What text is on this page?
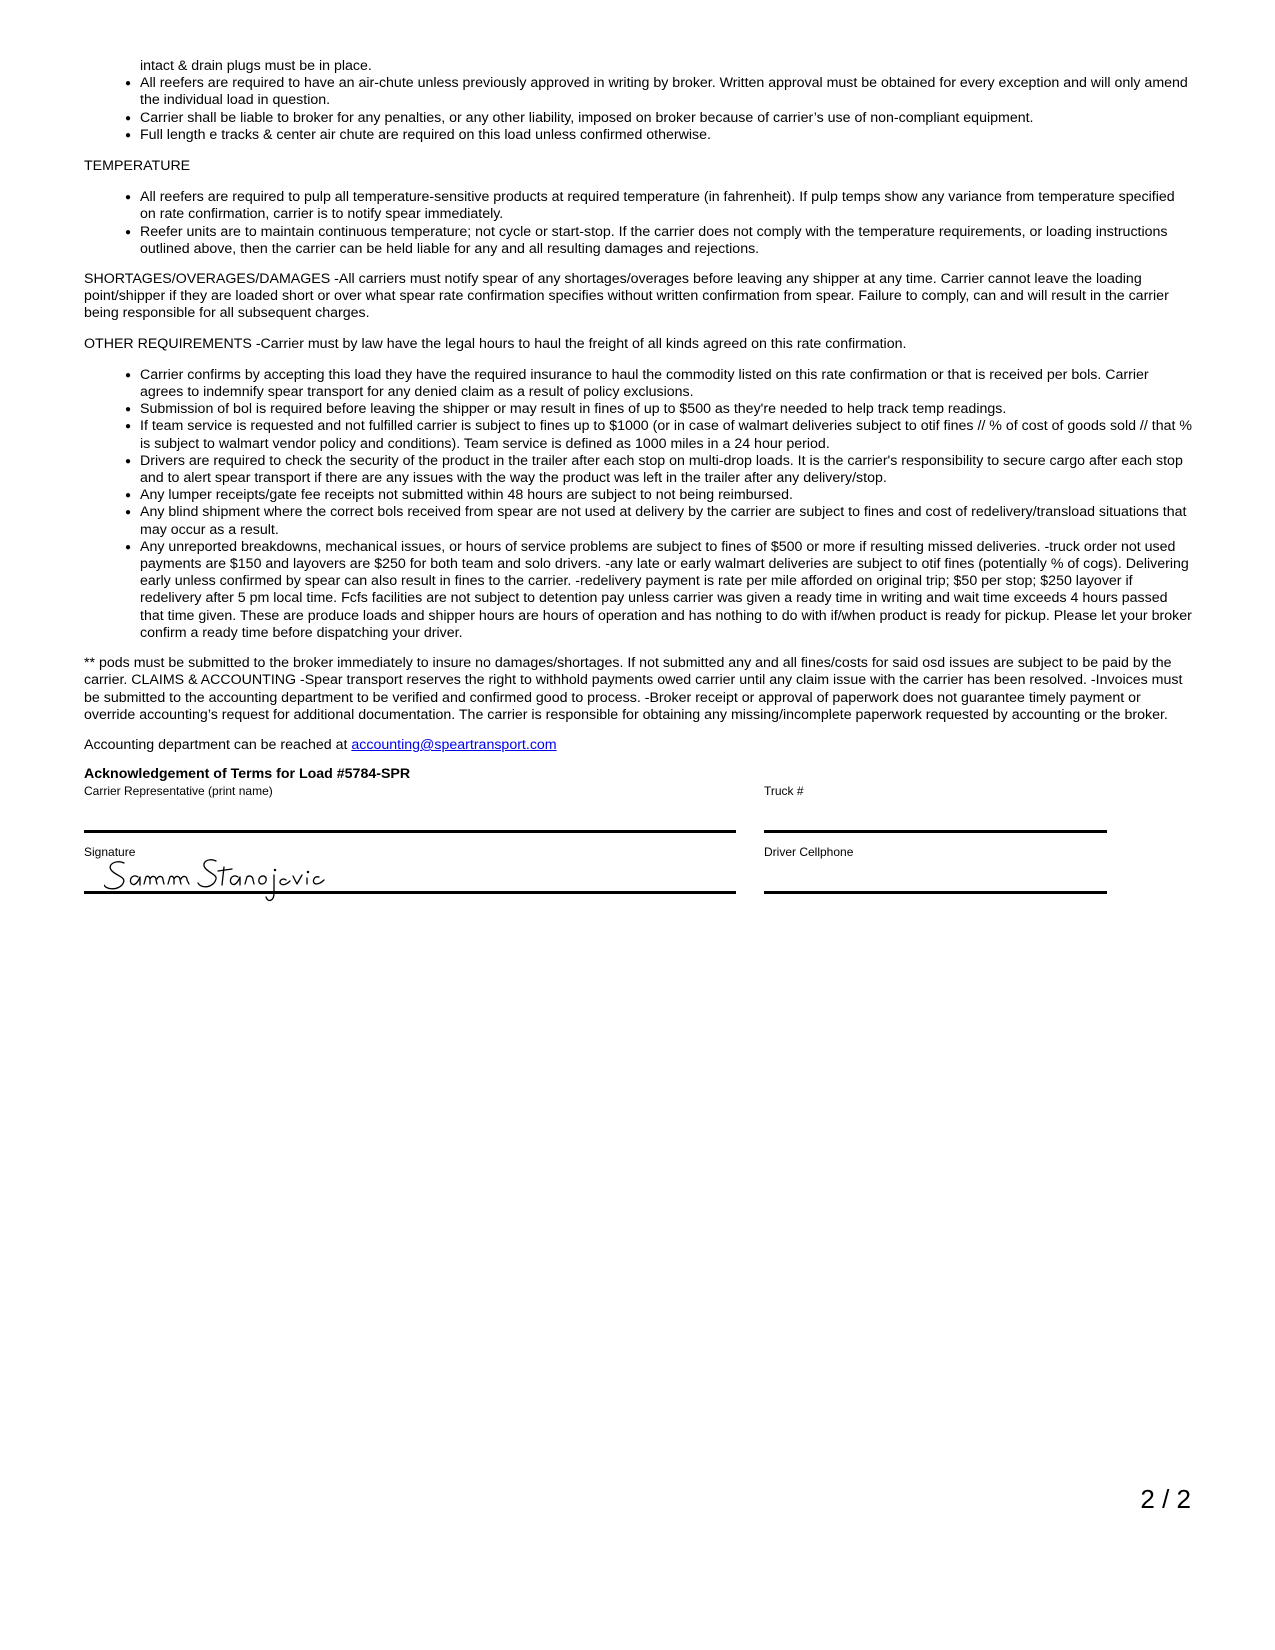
intact & drain plugs must be in place.

● All reefers are required to have an air-chute unless previously approved in writing by broker. Written approval must be obtained for every exception and will only amend the individual load in question.
● Carrier shall be liable to broker for any penalties, or any other liability, imposed on broker because of carrier’s use of non-compliant equipment.
● Full length e tracks & center air chute are required on this load unless confirmed otherwise.

TEMPERATURE

● All reefers are required to pulp all temperature-sensitive products at required temperature (in fahrenheit). If pulp temps show any variance from temperature specified on rate confirmation, carrier is to notify spear immediately.
● Reefer units are to maintain continuous temperature; not cycle or start-stop. If the carrier does not comply with the temperature requirements, or loading instructions outlined above, then the carrier can be held liable for any and all resulting damages and rejections.

SHORTAGES/OVERAGES/DAMAGES -All carriers must notify spear of any shortages/overages before leaving any shipper at any time. Carrier cannot leave the loading point/shipper if they are loaded short or over what spear rate confirmation specifies without written confirmation from spear. Failure to comply, can and will result in the carrier being responsible for all subsequent charges.

OTHER REQUIREMENTS -Carrier must by law have the legal hours to haul the freight of all kinds agreed on this rate confirmation.

● Carrier confirms by accepting this load they have the required insurance to haul the commodity listed on this rate confirmation or that is received per bols. Carrier agrees to indemnify spear transport for any denied claim as a result of policy exclusions.
● Submission of bol is required before leaving the shipper or may result in fines of up to $500 as they're needed to help track temp readings.
● If team service is requested and not fulfilled carrier is subject to fines up to $1000 (or in case of walmart deliveries subject to otif fines // % of cost of goods sold // that % is subject to walmart vendor policy and conditions). Team service is defined as 1000 miles in a 24 hour period.
● Drivers are required to check the security of the product in the trailer after each stop on multi-drop loads. It is the carrier's responsibility to secure cargo after each stop and to alert spear transport if there are any issues with the way the product was left in the trailer after any delivery/stop.
● Any lumper receipts/gate fee receipts not submitted within 48 hours are subject to not being reimbursed.
● Any blind shipment where the correct bols received from spear are not used at delivery by the carrier are subject to fines and cost of redelivery/transload situations that may occur as a result.
● Any unreported breakdowns, mechanical issues, or hours of service problems are subject to fines of $500 or more if resulting missed deliveries. -truck order not used payments are $150 and layovers are $250 for both team and solo drivers. -any late or early walmart deliveries are subject to otif fines (potentially % of cogs). Delivering early unless confirmed by spear can also result in fines to the carrier. -redelivery payment is rate per mile afforded on original trip; $50 per stop; $250 layover if redelivery after 5 pm local time. Fcfs facilities are not subject to detention pay unless carrier was given a ready time in writing and wait time exceeds 4 hours passed that time given. These are produce loads and shipper hours are hours of operation and has nothing to do with if/when product is ready for pickup. Please let your broker confirm a ready time before dispatching your driver.

** pods must be submitted to the broker immediately to insure no damages/shortages. If not submitted any and all fines/costs for said osd issues are subject to be paid by the carrier. CLAIMS & ACCOUNTING -Spear transport reserves the right to withhold payments owed carrier until any claim issue with the carrier has been resolved. -Invoices must be submitted to the accounting department to be verified and confirmed good to process. -Broker receipt or approval of paperwork does not guarantee timely payment or override accounting’s request for additional documentation. The carrier is responsible for obtaining any missing/incomplete paperwork requested by accounting or the broker.

Accounting department can be reached at accounting@speartransport.com

Acknowledgement of Terms for Load #5784-SPR

Carrier Representative (print name)	Truck #
Signature	Driver Cellphone
2 / 2
